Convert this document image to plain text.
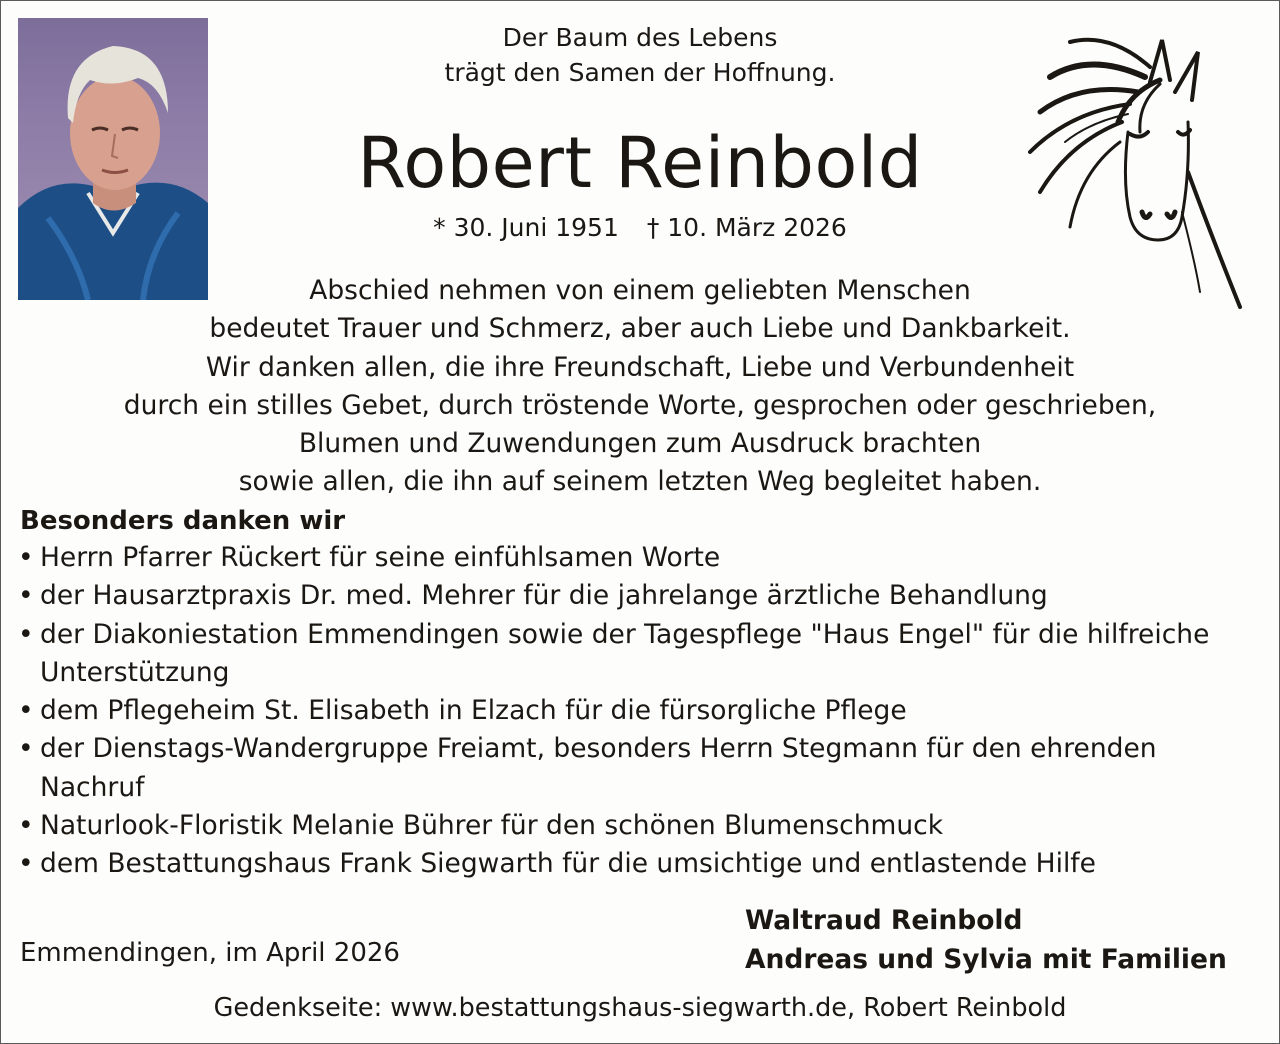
Der Baum des Lebens
trägt den Samen der Hoffnung.
Robert Reinbold
* 30. Juni 1951 † 10. März 2026
Abschied nehmen von einem geliebten Menschen
bedeutet Trauer und Schmerz, aber auch Liebe und Dankbarkeit.
Wir danken allen, die ihre Freundschaft, Liebe und Verbundenheit
durch ein stilles Gebet, durch tröstende Worte, gesprochen oder geschrieben,
Blumen und Zuwendungen zum Ausdruck brachten
sowie allen, die ihn auf seinem letzten Weg begleitet haben.
Besonders danken wir
• Herrn Pfarrer Rückert für seine einfühlsamen Worte
• der Hausarztpraxis Dr. med. Mehrer für die jahrelange ärztliche Behandlung
• der Diakoniestation Emmendingen sowie der Tagespflege "Haus Engel" für die hilfreiche Unterstützung
• dem Pflegeheim St. Elisabeth in Elzach für die fürsorgliche Pflege
• der Dienstags-Wandergruppe Freiamt, besonders Herrn Stegmann für den ehrenden Nachruf
• Naturlook-Floristik Melanie Bührer für den schönen Blumenschmuck
• dem Bestattungshaus Frank Siegwarth für die umsichtige und entlastende Hilfe
Emmendingen, im April 2026
Waltraud Reinbold
Andreas und Sylvia mit Familien
Gedenkseite: www.bestattungshaus-siegwarth.de, Robert Reinbold
